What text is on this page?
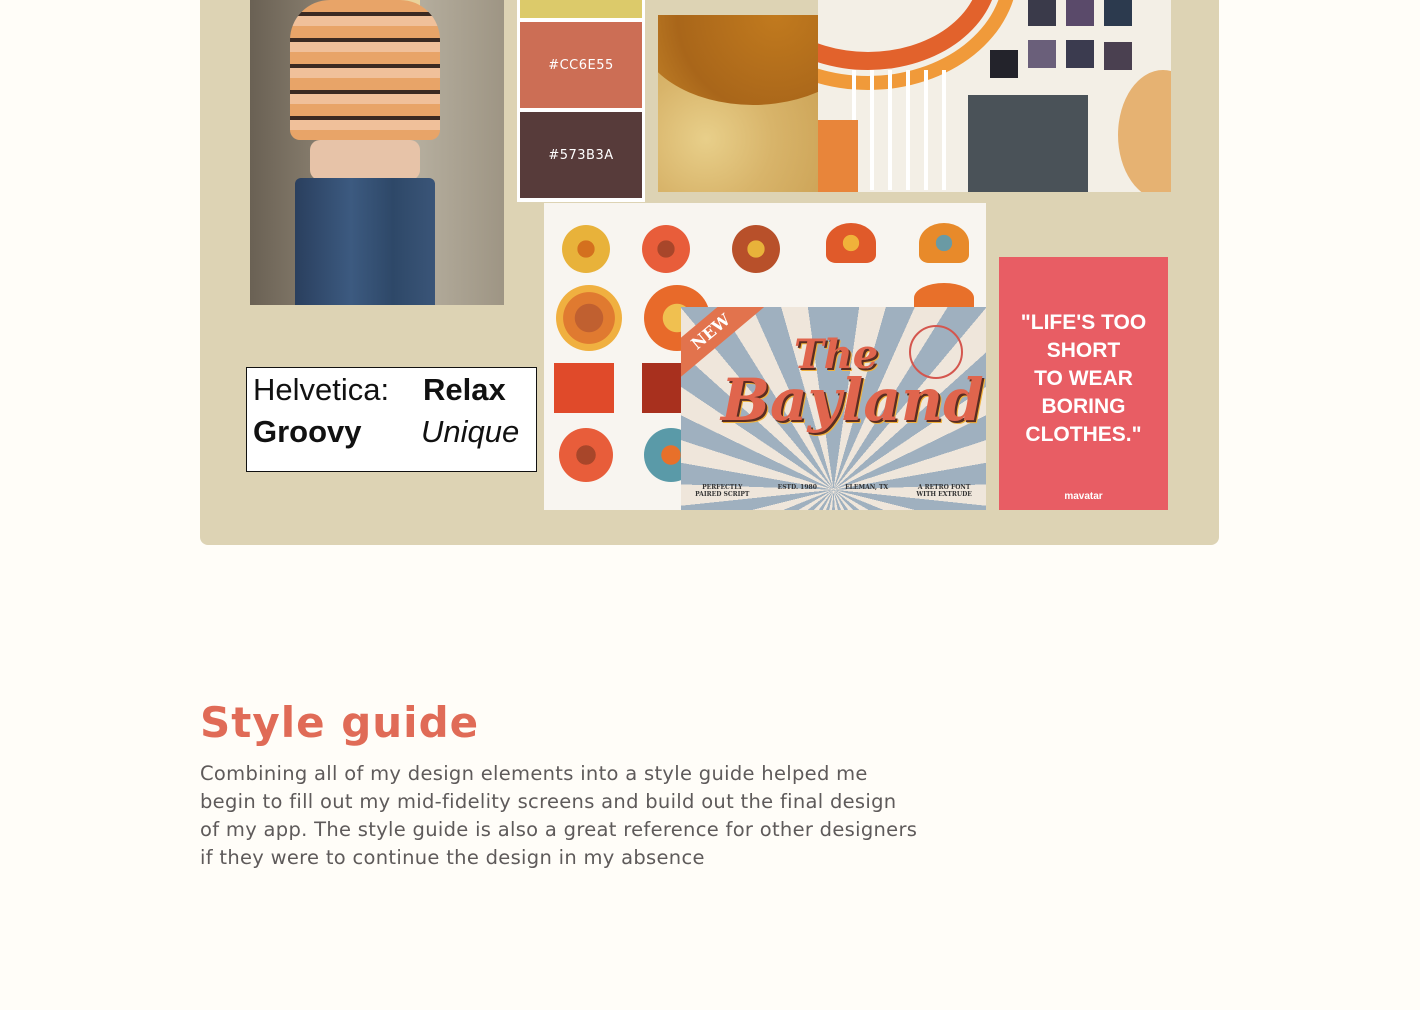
#CC6E55
#573B3A
NEW	The
Bayland
PERFECTLY
PAIRED SCRIPT
ESTD. 1980	ELEMAN, TX	A RETRO FONT
WITH EXTRUDE
Helvetica: Relax
Groovy Unique
"LIFE'S TOO
SHORT
TO WEAR
BORING
CLOTHES."
mavatar
Style guide

Combining all of my design elements into a style guide helped me begin to fill out my mid-fidelity screens and build out the final design of my app. The style guide is also a great reference for other designers if they were to continue the design in my absence
